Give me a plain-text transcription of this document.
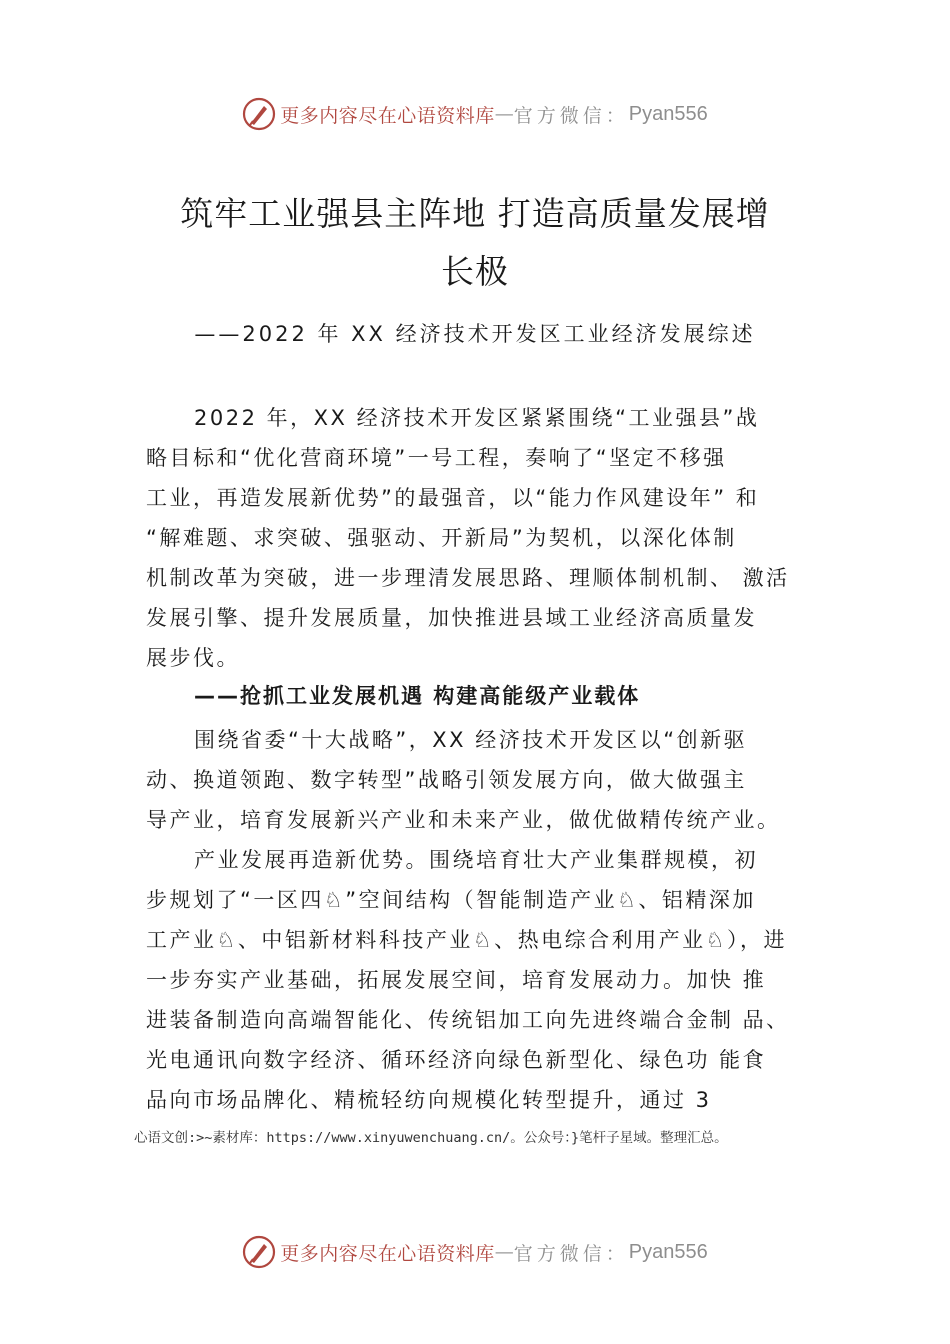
更多内容尽在心语资料库 — 官方微信： Pyan556
筑牢工业强县主阵地 打造高质量发展增
长极
——2022 年 XX 经济技术开发区工业经济发展综述
2022 年，XX 经济技术开发区紧紧围绕“工业强县”战
略目标和“优化营商环境”一号工程，奏响了“坚定不移强
工业，再造发展新优势”的最强音，以“能力作风建设年” 和
“解难题、求突破、强驱动、开新局”为契机，以深化体制
机制改革为突破，进一步理清发展思路、理顺体制机制、 激活
发展引擎、提升发展质量，加快推进县域工业经济高质量发
展步伐。
——抢抓工业发展机遇 构建高能级产业载体
围绕省委“十大战略”，XX 经济技术开发区以“创新驱
动、换道领跑、数字转型”战略引领发展方向，做大做强主
导产业，培育发展新兴产业和未来产业，做优做精传统产业。
产业发展再造新优势。围绕培育壮大产业集群规模，初
步规划了“一区四♘”空间结构（智能制造产业♘、铝精深加
工产业♘、中铝新材料科技产业♘、热电综合利用产业♘），进
一步夯实产业基础，拓展发展空间，培育发展动力。加快 推
进装备制造向高端智能化、传统铝加工向先进终端合金制 品、
光电通讯向数字经济、循环经济向绿色新型化、绿色功 能食
品向市场品牌化、精梳轻纺向规模化转型提升，通过 3
心语文创:>~素材库：https://www.xinyuwenchuang.cn/。公众号：}笔杆子星域。整理汇总。
更多内容尽在心语资料库 — 官方微信： Pyan556
